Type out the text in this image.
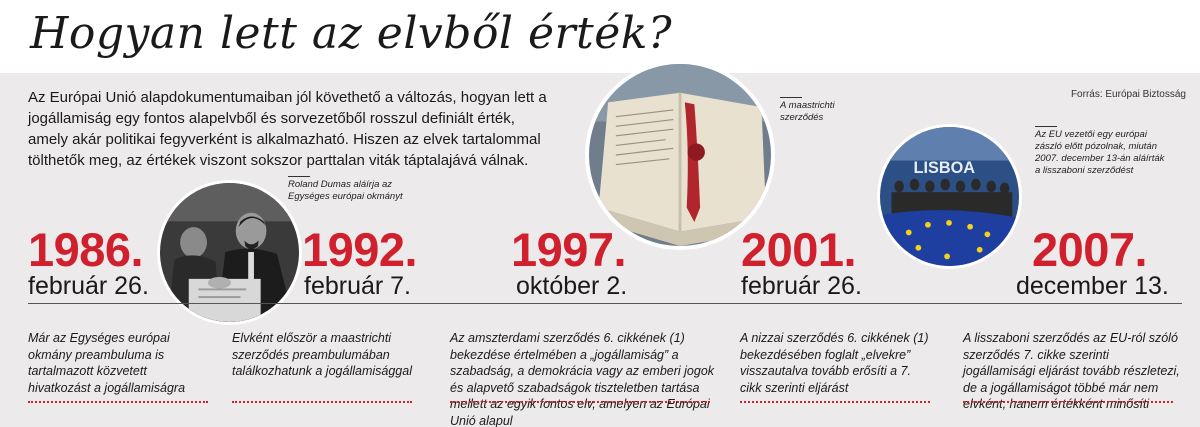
Hogyan lett az elvből érték?
Az Európai Unió alapdokumentumaiban jól követhető a változás, hogyan lett a jogállamiság egy fontos alapelvből és sorvezetőből rosszul definiált érték, amely akár politikai fegyverként is alkalmazható. Hiszen az elvek tartalommal tölthetők meg, az értékek viszont sokszor parttalan viták táptalajává válnak.
Forrás: Európai Biztosság
LISBOA
Roland Dumas aláírja az Egységes európai okmányt
A maastrichti szerződés
Az EU vezetői egy európai zászló előtt pózolnak, miután 2007. december 13-án aláírták a lisszaboni szerződést
1986.
február 26.
1992.
február 7.
1997.
október 2.
2001.
február 26.
2007.
december 13.
Már az Egységes európai okmány preambuluma is tartalmazott közvetett hivatkozást a jogállamiságra
Elvként először a maastrichti szerződés preambulumában találkozhatunk a jogállamisággal
Az amszterdami szerződés 6. cikkének (1) bekezdése értelmében a „jogállamiság” a szabadság, a demokrácia vagy az emberi jogok és alapvető szabadságok tiszteletben tartása mellett az egyik fontos elv, amelyen az Európai Unió alapul
A nizzai szerződés 6. cikkének (1) bekezdésében foglalt „elvekre” visszautalva tovább erősíti a 7. cikk szerinti eljárást
A lisszaboni szerződés az EU-ról szóló szerződés 7. cikke szerinti jogállamisági eljárást tovább részletezi, de a jogállamiságot többé már nem elvként, hanem értékként minősíti
